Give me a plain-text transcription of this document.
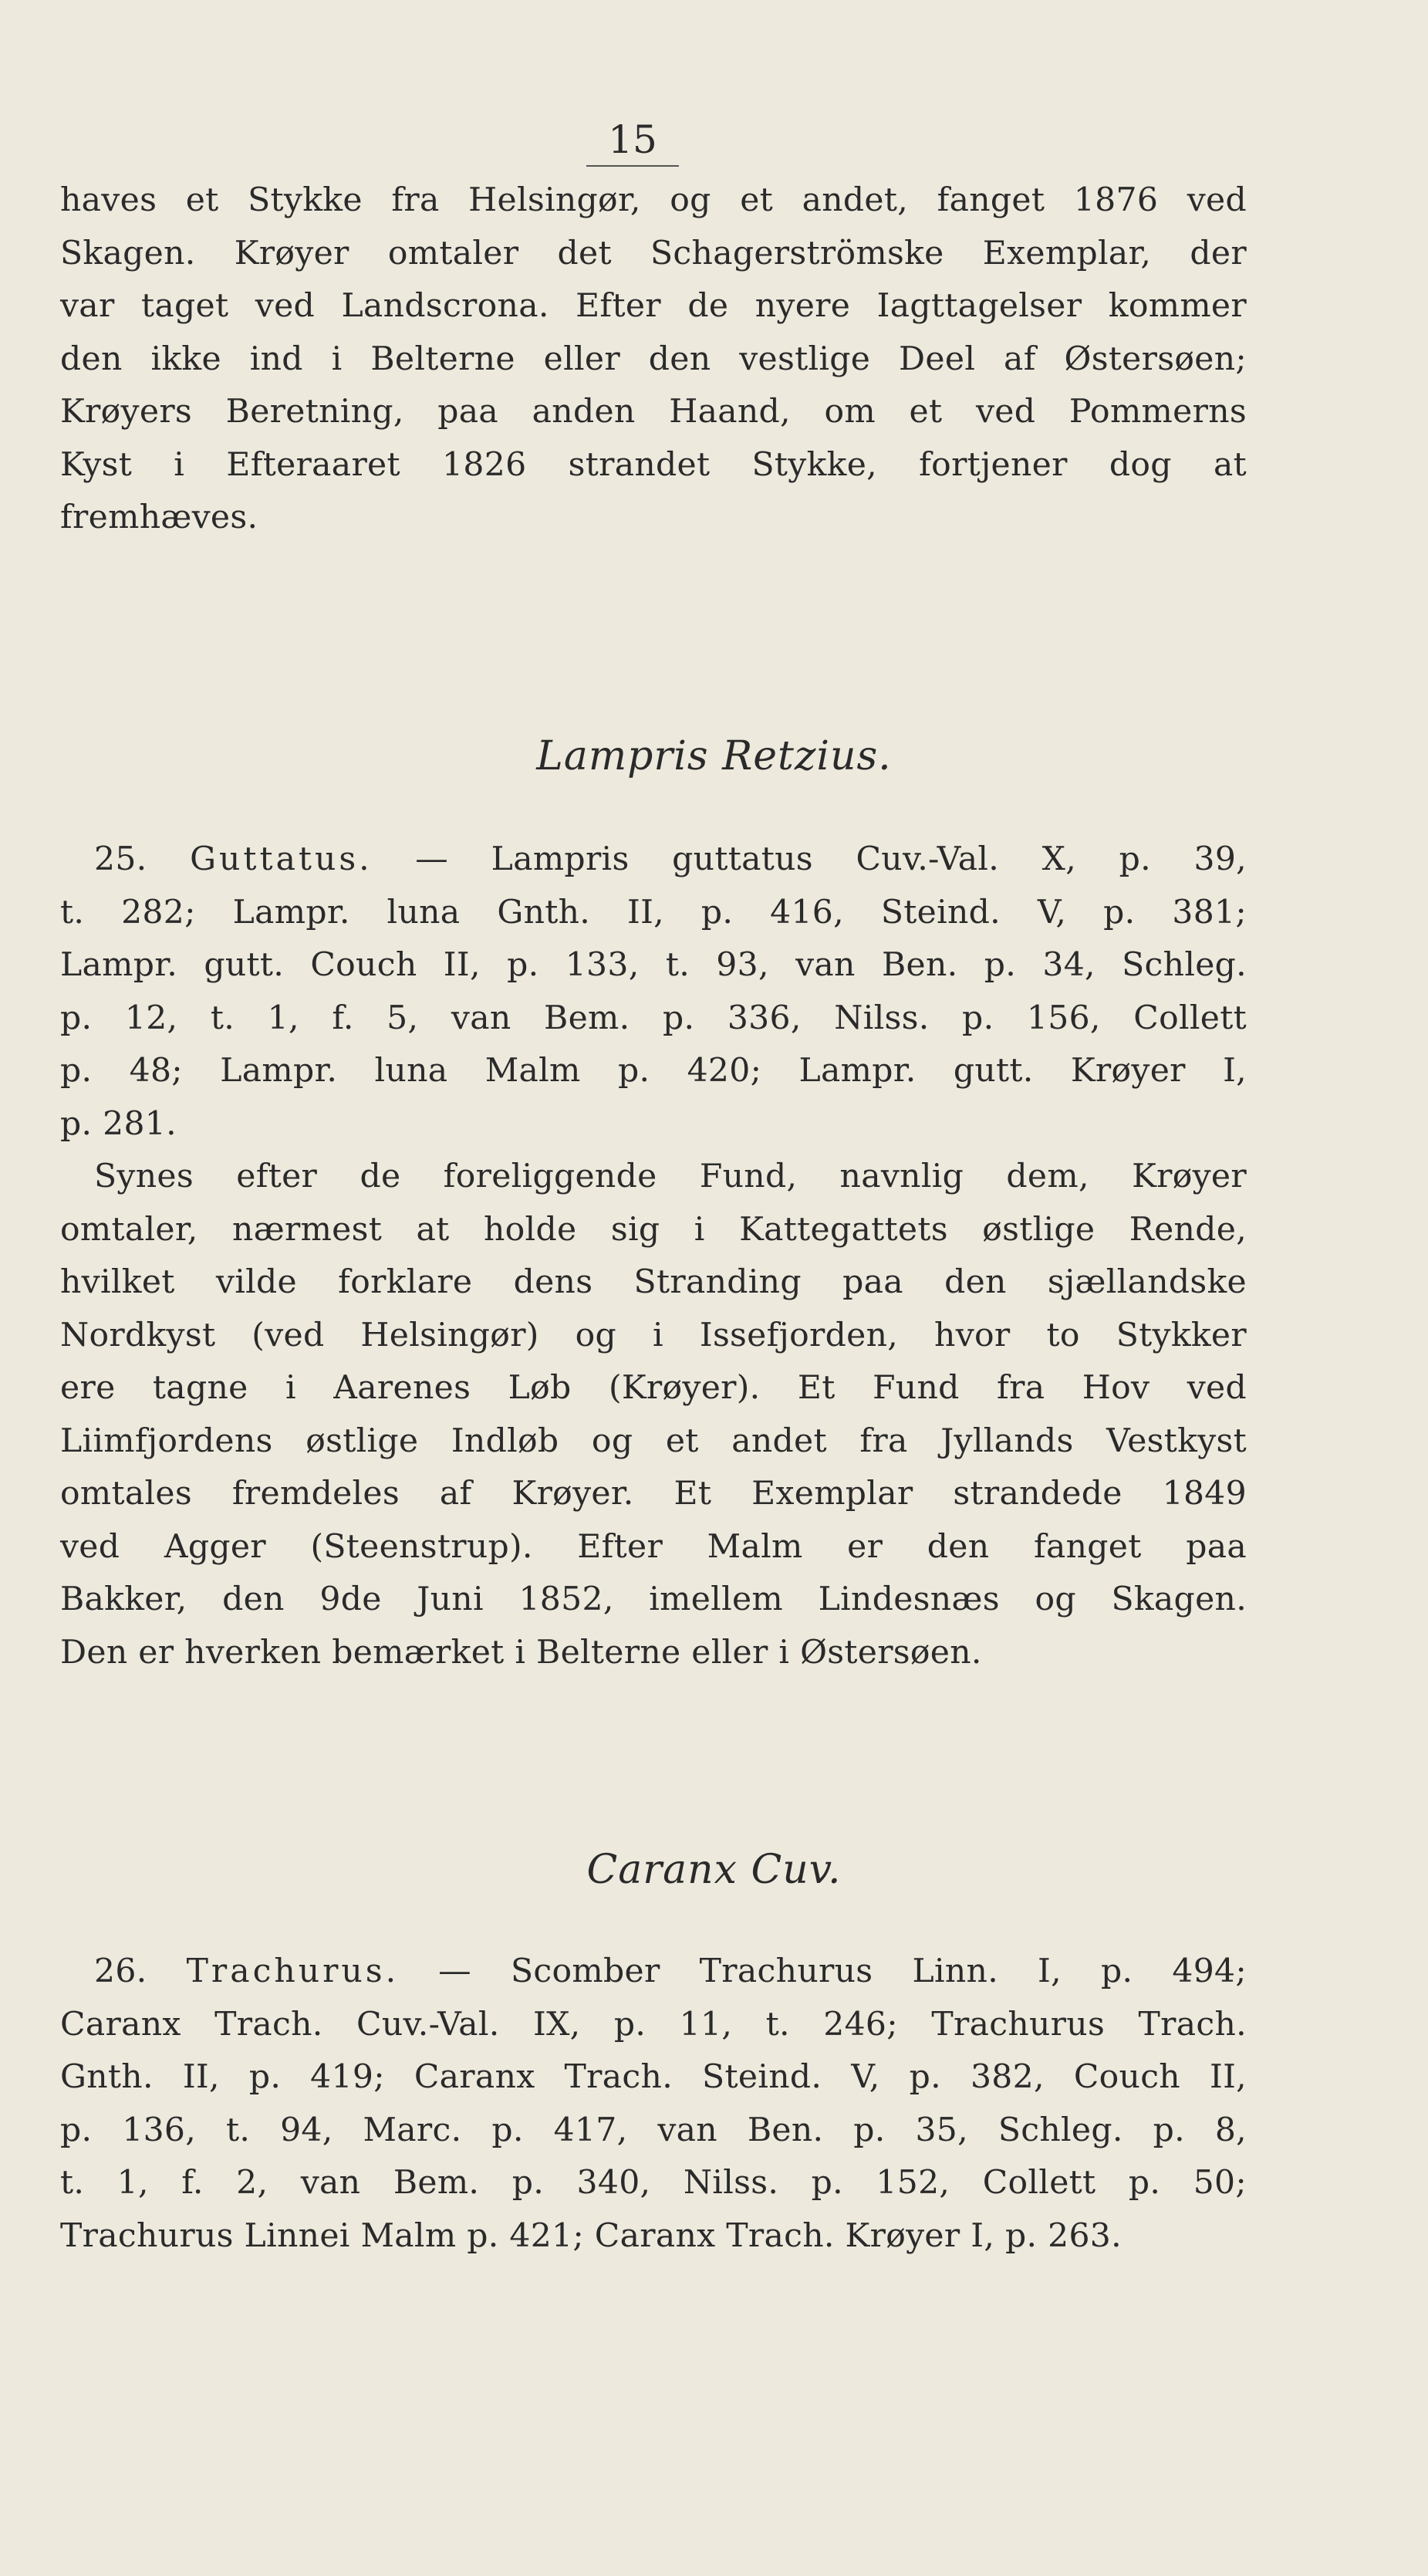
15
haves et Stykke fra Helsingør, og et andet, fanget 1876 ved
Skagen. Krøyer omtaler det Schagerströmske Exemplar, der
var taget ved Landscrona. Efter de nyere Iagttagelser kommer
den ikke ind i Belterne eller den vestlige Deel af Østersøen;
Krøyers Beretning, paa anden Haand, om et ved Pommerns
Kyst i Efteraaret 1826 strandet Stykke, fortjener dog at
fremhæves.
Lampris Retzius.
25. Guttatus. — Lampris guttatus Cuv.-Val. X, p. 39,
t. 282; Lampr. luna Gnth. II, p. 416, Steind. V, p. 381;
Lampr. gutt. Couch II, p. 133, t. 93, van Ben. p. 34, Schleg.
p. 12, t. 1, f. 5, van Bem. p. 336, Nilss. p. 156, Collett
p. 48; Lampr. luna Malm p. 420; Lampr. gutt. Krøyer I,
p. 281.
Synes efter de foreliggende Fund, navnlig dem, Krøyer
omtaler, nærmest at holde sig i Kattegattets østlige Rende,
hvilket vilde forklare dens Stranding paa den sjællandske
Nordkyst (ved Helsingør) og i Issefjorden, hvor to Stykker
ere tagne i Aarenes Løb (Krøyer). Et Fund fra Hov ved
Liimfjordens østlige Indløb og et andet fra Jyllands Vestkyst
omtales fremdeles af Krøyer. Et Exemplar strandede 1849
ved Agger (Steenstrup). Efter Malm er den fanget paa
Bakker, den 9de Juni 1852, imellem Lindesnæs og Skagen.
Den er hverken bemærket i Belterne eller i Østersøen.
Caranx Cuv.
26. Trachurus. — Scomber Trachurus Linn. I, p. 494;
Caranx Trach. Cuv.-Val. IX, p. 11, t. 246; Trachurus Trach.
Gnth. II, p. 419; Caranx Trach. Steind. V, p. 382, Couch II,
p. 136, t. 94, Marc. p. 417, van Ben. p. 35, Schleg. p. 8,
t. 1, f. 2, van Bem. p. 340, Nilss. p. 152, Collett p. 50;
Trachurus Linnei Malm p. 421; Caranx Trach. Krøyer I, p. 263.
